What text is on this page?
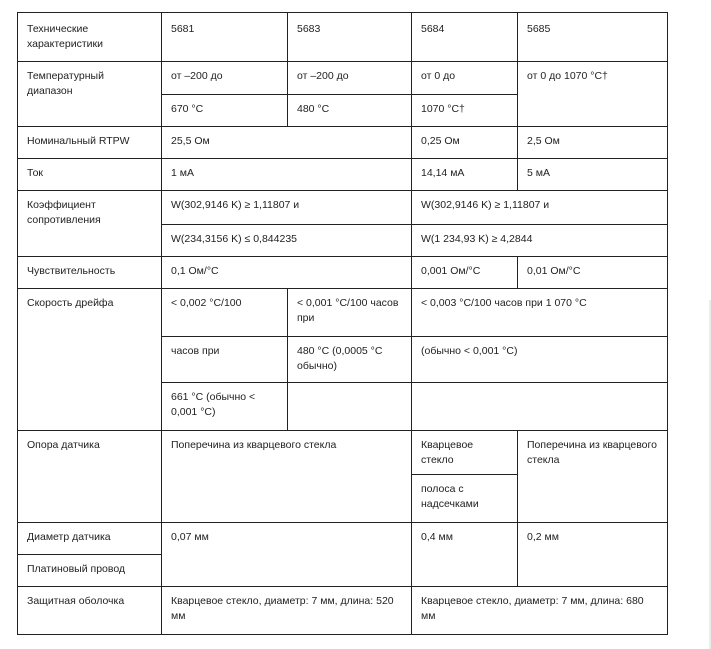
Технические характеристики	5681	5683	5684	5685
Температурный диапазон	от –200 до	от –200 до	от 0 до	от 0 до 1070 °C†
	670 °C	480 °C	1070 °C†	
Номинальный RTPW	25,5 Ом		0,25 Ом	2,5 Ом
Ток	1 мА		14,14 мА	5 мА
Коэффициент сопротивления	W(302,9146 K) ≥ 1,11807 и		W(302,9146 K) ≥ 1,11807 и	
	W(234,3156 K) ≤ 0,844235		W(1 234,93 K) ≥ 4,2844	
Чувствительность	0,1 Ом/°C		0,001 Ом/°C	0,01 Ом/°C
Скорость дрейфа	< 0,002 °C/100	< 0,001 °C/100 часов при	< 0,003 °C/100 часов при 1 070 °C	
	часов при	480 °C (0,0005 °C обычно)	(обычно < 0,001 °C)	
	661 °C (обычно < 0,001 °C)			
Опора датчика	Поперечина из кварцевого стекла		Кварцевое стекло	Поперечина из кварцевого стекла
			полоса с надсечками	
Диаметр датчика	0,07 мм		0,4 мм	0,2 мм
Платиновый провод				
Защитная оболочка	Кварцевое стекло, диаметр: 7 мм, длина: 520 мм		Кварцевое стекло, диаметр: 7 мм, длина: 680 мм	
